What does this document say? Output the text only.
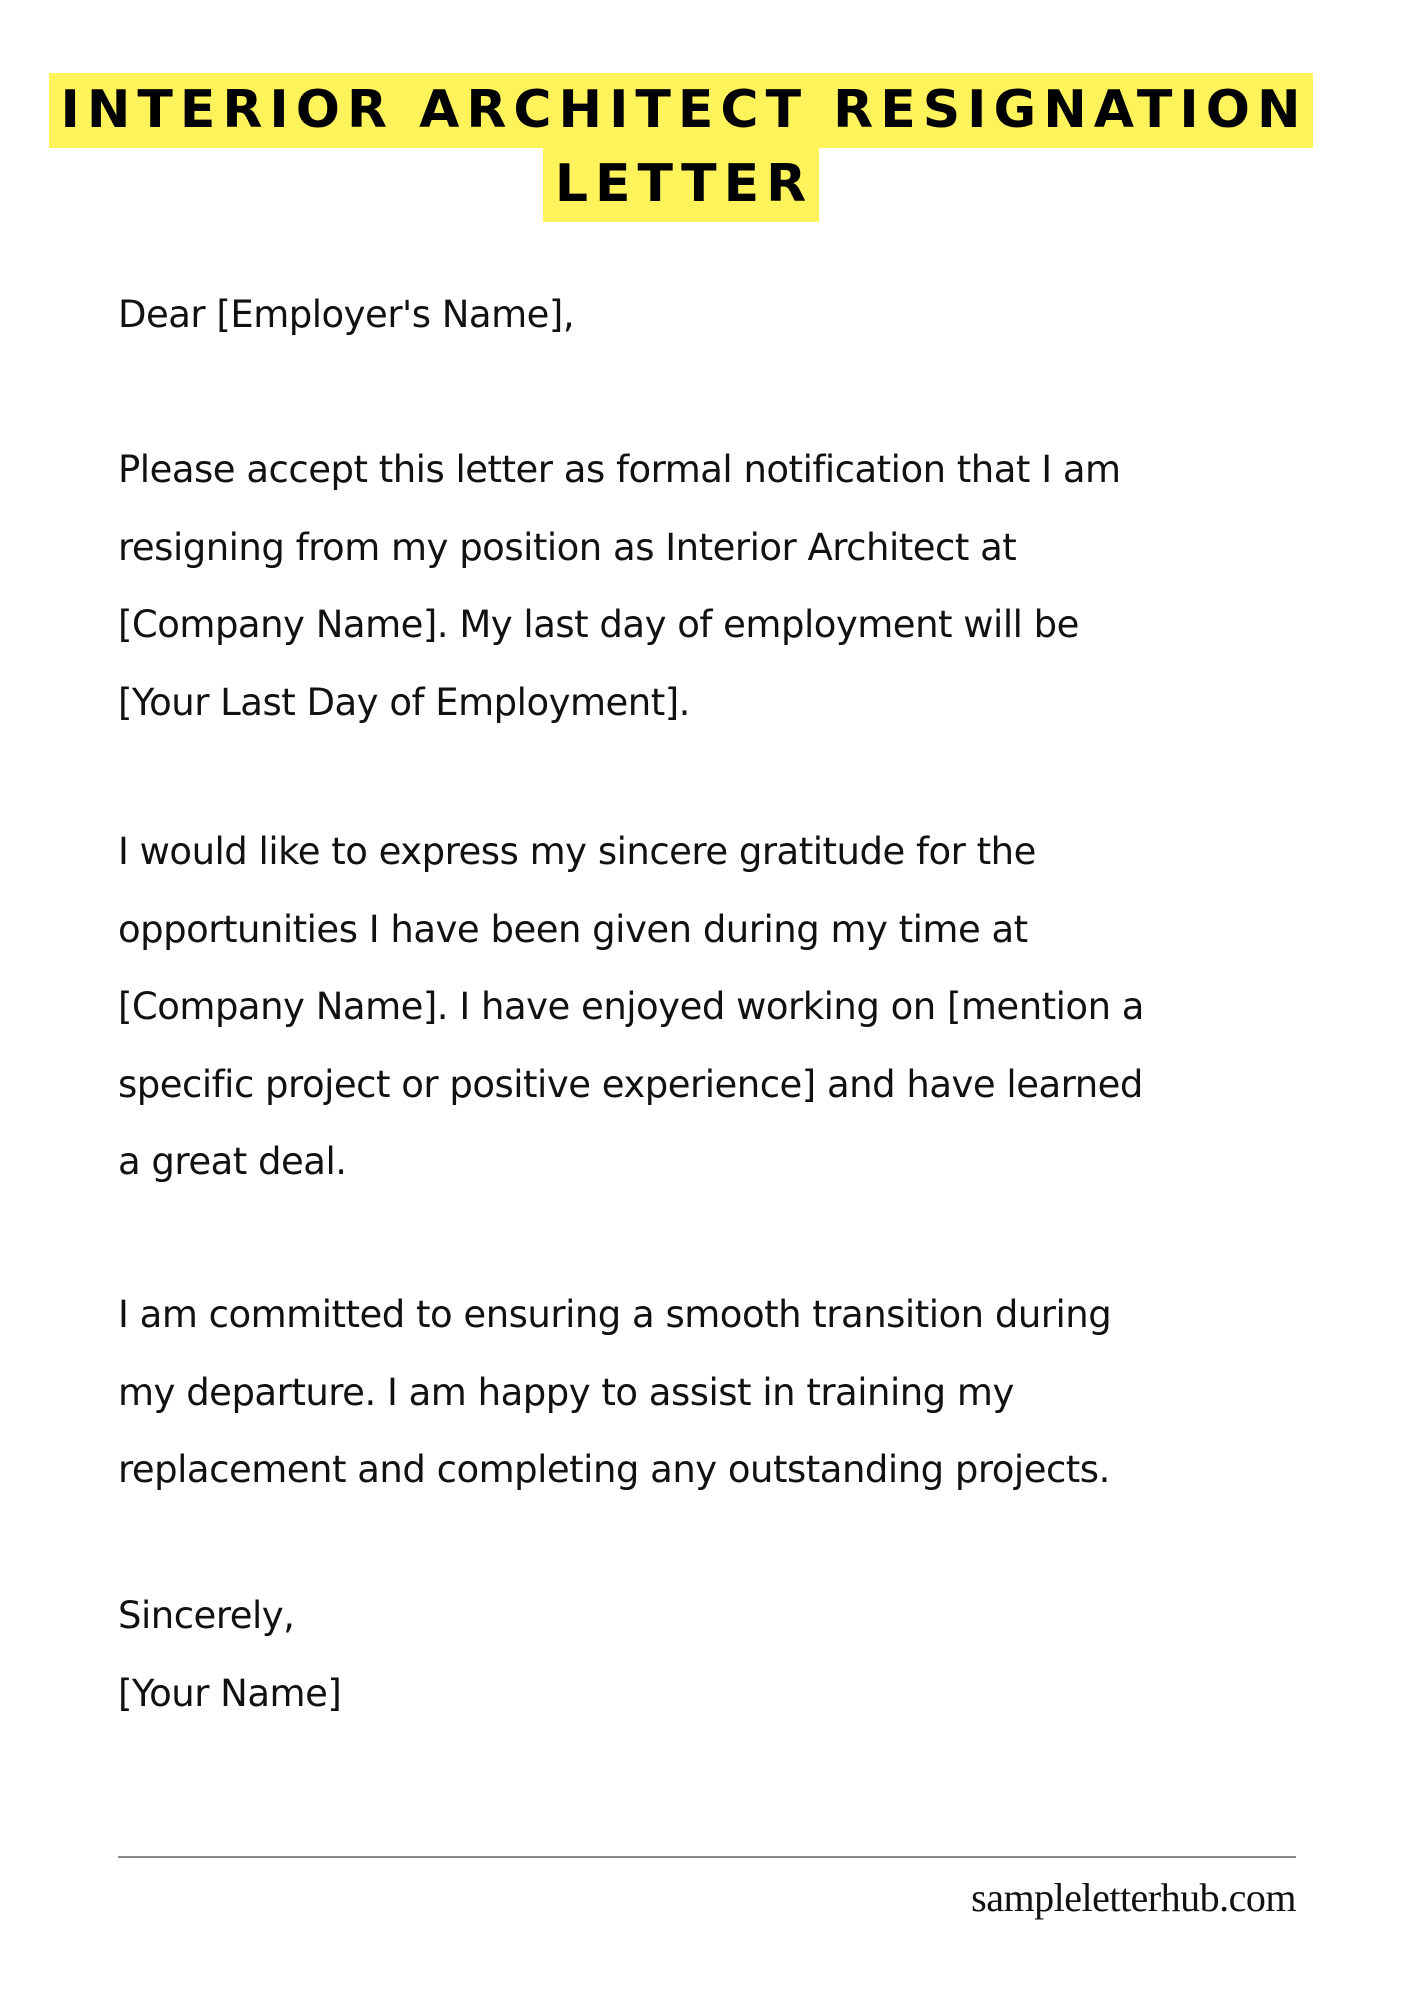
INTERIOR ARCHITECT RESIGNATION
LETTER

Dear [Employer's Name],

Please accept this letter as formal notification that I am

resigning from my position as Interior Architect at

[Company Name]. My last day of employment will be

[Your Last Day of Employment].

I would like to express my sincere gratitude for the

opportunities I have been given during my time at

[Company Name]. I have enjoyed working on [mention a

specific project or positive experience] and have learned

a great deal.

I am committed to ensuring a smooth transition during

my departure. I am happy to assist in training my

replacement and completing any outstanding projects.

Sincerely,

[Your Name]

sampleletterhub.com
